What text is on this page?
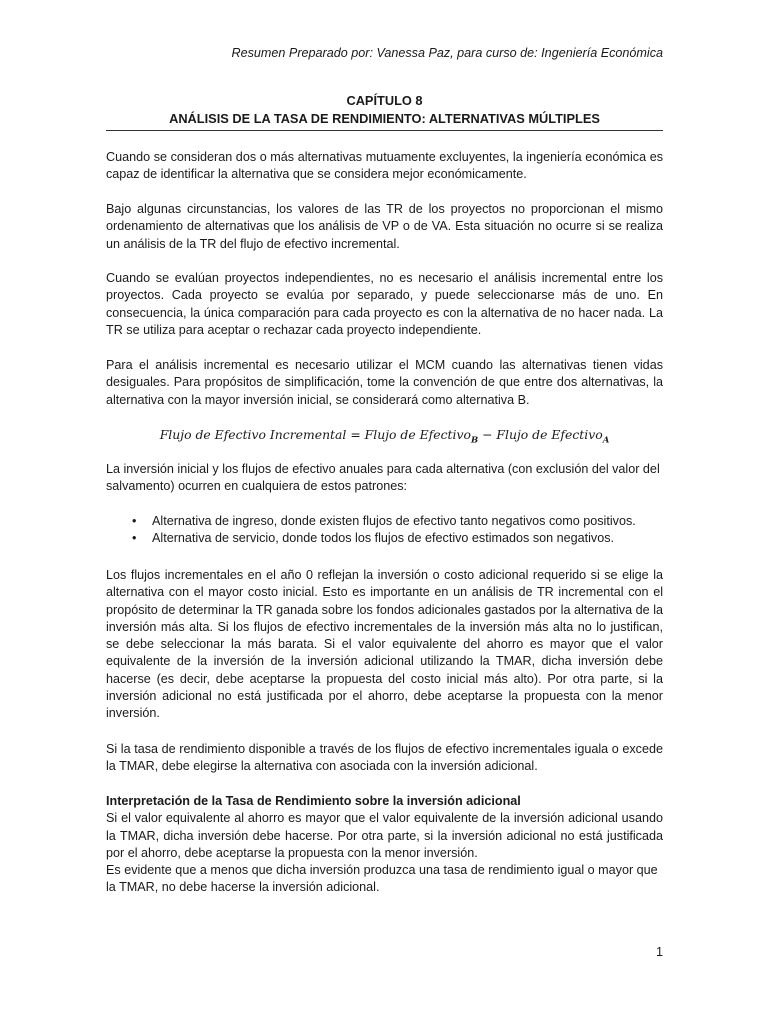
Resumen Preparado por: Vanessa Paz, para curso de: Ingeniería Económica
CAPÍTULO 8
ANÁLISIS DE LA TASA DE RENDIMIENTO: ALTERNATIVAS MÚLTIPLES

Cuando se consideran dos o más alternativas mutuamente excluyentes, la ingeniería económica es capaz de identificar la alternativa que se considera mejor económicamente.

Bajo algunas circunstancias, los valores de las TR de los proyectos no proporcionan el mismo ordenamiento de alternativas que los análisis de VP o de VA. Esta situación no ocurre si se realiza un análisis de la TR del flujo de efectivo incremental.

Cuando se evalúan proyectos independientes, no es necesario el análisis incremental entre los proyectos. Cada proyecto se evalúa por separado, y puede seleccionarse más de uno. En consecuencia, la única comparación para cada proyecto es con la alternativa de no hacer nada. La TR se utiliza para aceptar o rechazar cada proyecto independiente.

Para el análisis incremental es necesario utilizar el MCM cuando las alternativas tienen vidas desiguales. Para propósitos de simplificación, tome la convención de que entre dos alternativas, la alternativa con la mayor inversión inicial, se considerará como alternativa B.

Flujo de Efectivo Incremental = Flujo de Efectivo$_B$ − Flujo de Efectivo$_A$

La inversión inicial y los flujos de efectivo anuales para cada alternativa (con exclusión del valor del salvamento) ocurren en cualquiera de estos patrones:

• Alternativa de ingreso, donde existen flujos de efectivo tanto negativos como positivos.
• Alternativa de servicio, donde todos los flujos de efectivo estimados son negativos.

Los flujos incrementales en el año 0 reflejan la inversión o costo adicional requerido si se elige la alternativa con el mayor costo inicial. Esto es importante en un análisis de TR incremental con el propósito de determinar la TR ganada sobre los fondos adicionales gastados por la alternativa de la inversión más alta. Si los flujos de efectivo incrementales de la inversión más alta no lo justifican, se debe seleccionar la más barata. Si el valor equivalente del ahorro es mayor que el valor equivalente de la inversión de la inversión adicional utilizando la TMAR, dicha inversión debe hacerse (es decir, debe aceptarse la propuesta del costo inicial más alto). Por otra parte, si la inversión adicional no está justificada por el ahorro, debe aceptarse la propuesta con la menor inversión.

Si la tasa de rendimiento disponible a través de los flujos de efectivo incrementales iguala o excede la TMAR, debe elegirse la alternativa con asociada con la inversión adicional.

Interpretación de la Tasa de Rendimiento sobre la inversión adicional
Si el valor equivalente al ahorro es mayor que el valor equivalente de la inversión adicional usando la TMAR, dicha inversión debe hacerse. Por otra parte, si la inversión adicional no está justificada por el ahorro, debe aceptarse la propuesta con la menor inversión.
Es evidente que a menos que dicha inversión produzca una tasa de rendimiento igual o mayor que la TMAR, no debe hacerse la inversión adicional.
1
